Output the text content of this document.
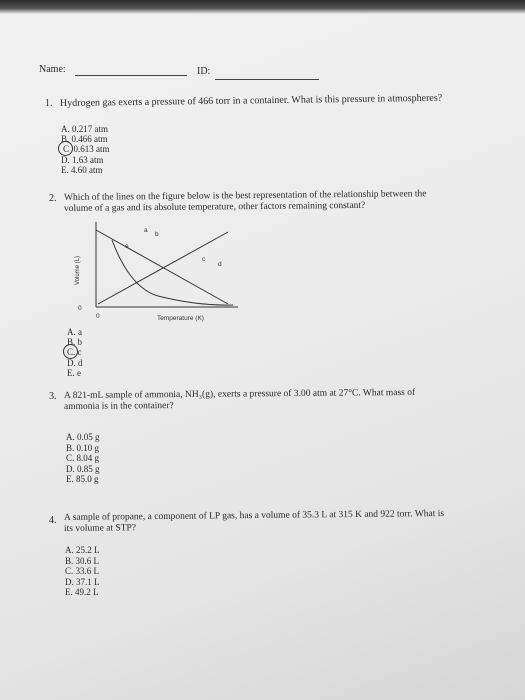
Name:	ID:
1. Hydrogen gas exerts a pressure of 466 torr in a container. What is this pressure in atmospheres?
A. 0.217 atm
B. 0.466 atm
C 0.613 atm
D. 1.63 atm
E. 4.60 atm
2. Which of the lines on the figure below is the best representation of the relationship between the
volume of a gas and its absolute temperature, other factors remaining constant?
a
b
c
d
e
Volume (L)
0
0	Temperature (K)
A. a
B. b
C. c
D. d
E. e
3. A 821-mL sample of ammonia, NH₃(g), exerts a pressure of 3.00 atm at 27°C. What mass of
ammonia is in the container?
A. 0.05 g
B. 0.10 g
C. 8.04 g
D. 0.85 g
E. 85.0 g
4. A sample of propane, a component of LP gas, has a volume of 35.3 L at 315 K and 922 torr. What is
its volume at STP?
A. 25.2 L
B. 30.6 L
C. 33.6 L
D. 37.1 L
E. 49.2 L
